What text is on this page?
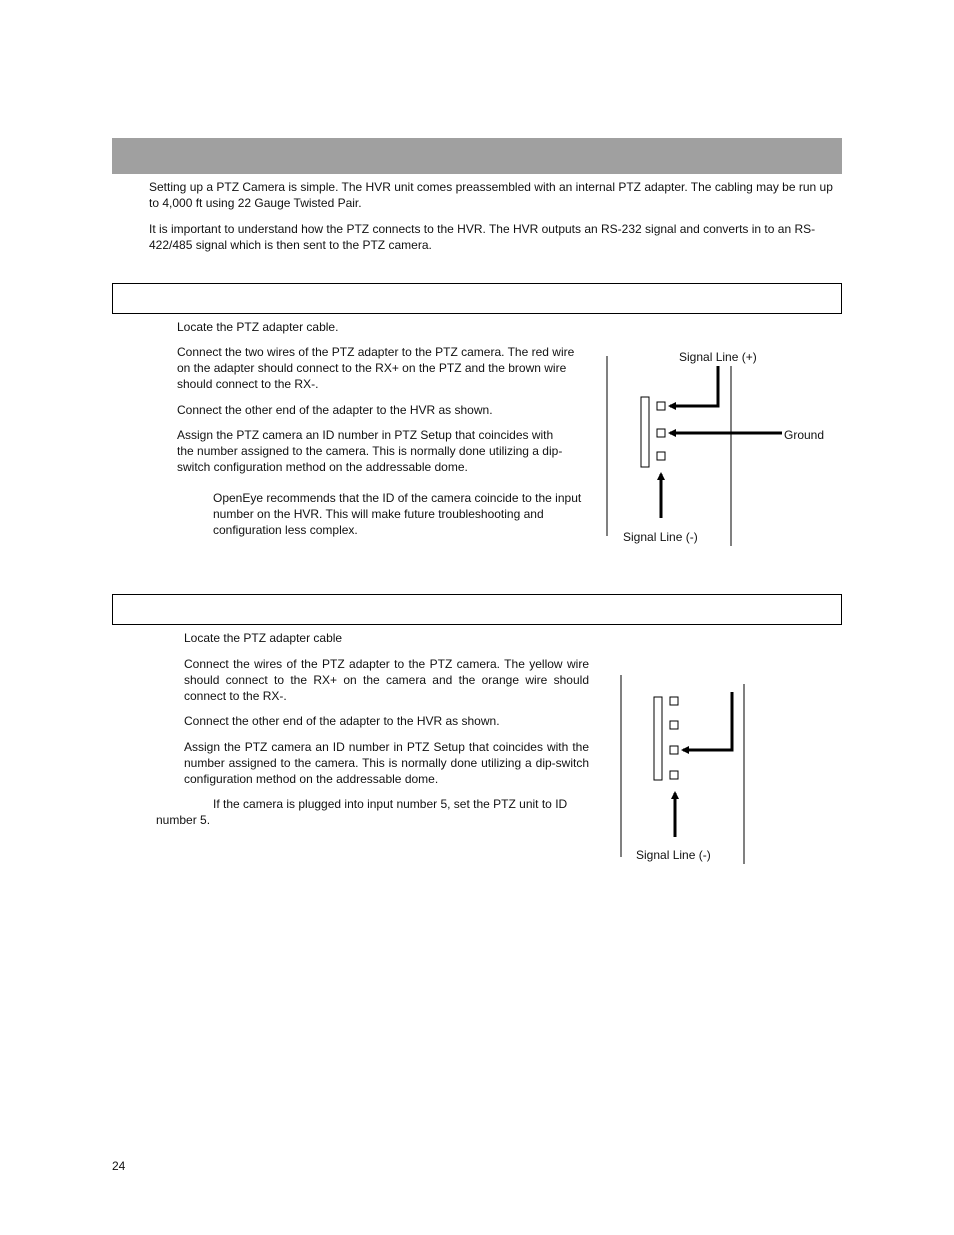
Setting up a PTZ Camera is simple. The HVR unit comes preassembled with an internal PTZ adapter. The cabling may be run up to 4,000 ft using 22 Gauge Twisted Pair.

It is important to understand how the PTZ connects to the HVR. The HVR outputs an RS-232 signal and converts in to an RS-422/485 signal which is then sent to the PTZ camera.

Locate the PTZ adapter cable.

Connect the two wires of the PTZ adapter to the PTZ camera. The red wire on the adapter should connect to the RX+ on the PTZ and the brown wire should connect to the RX-.

Connect the other end of the adapter to the HVR as shown.

Assign the PTZ camera an ID number in PTZ Setup that coincides with the number assigned to the camera. This is normally done utilizing a dip-switch configuration method on the addressable dome.

OpenEye recommends that the ID of the camera coincide to the input number on the HVR. This will make future troubleshooting and configuration less complex.

Signal Line (+)
Ground
Signal Line (-)

Locate the PTZ adapter cable

Connect the wires of the PTZ adapter to the PTZ camera. The yellow wire should connect to the RX+ on the camera and the orange wire should connect to the RX-.

Connect the other end of the adapter to the HVR as shown.

Assign the PTZ camera an ID number in PTZ Setup that coincides with the number assigned to the camera. This is normally done utilizing a dip-switch configuration method on the addressable dome.

If the camera is plugged into input number 5, set the PTZ unit to ID

number 5.

Signal Line (-)
24
